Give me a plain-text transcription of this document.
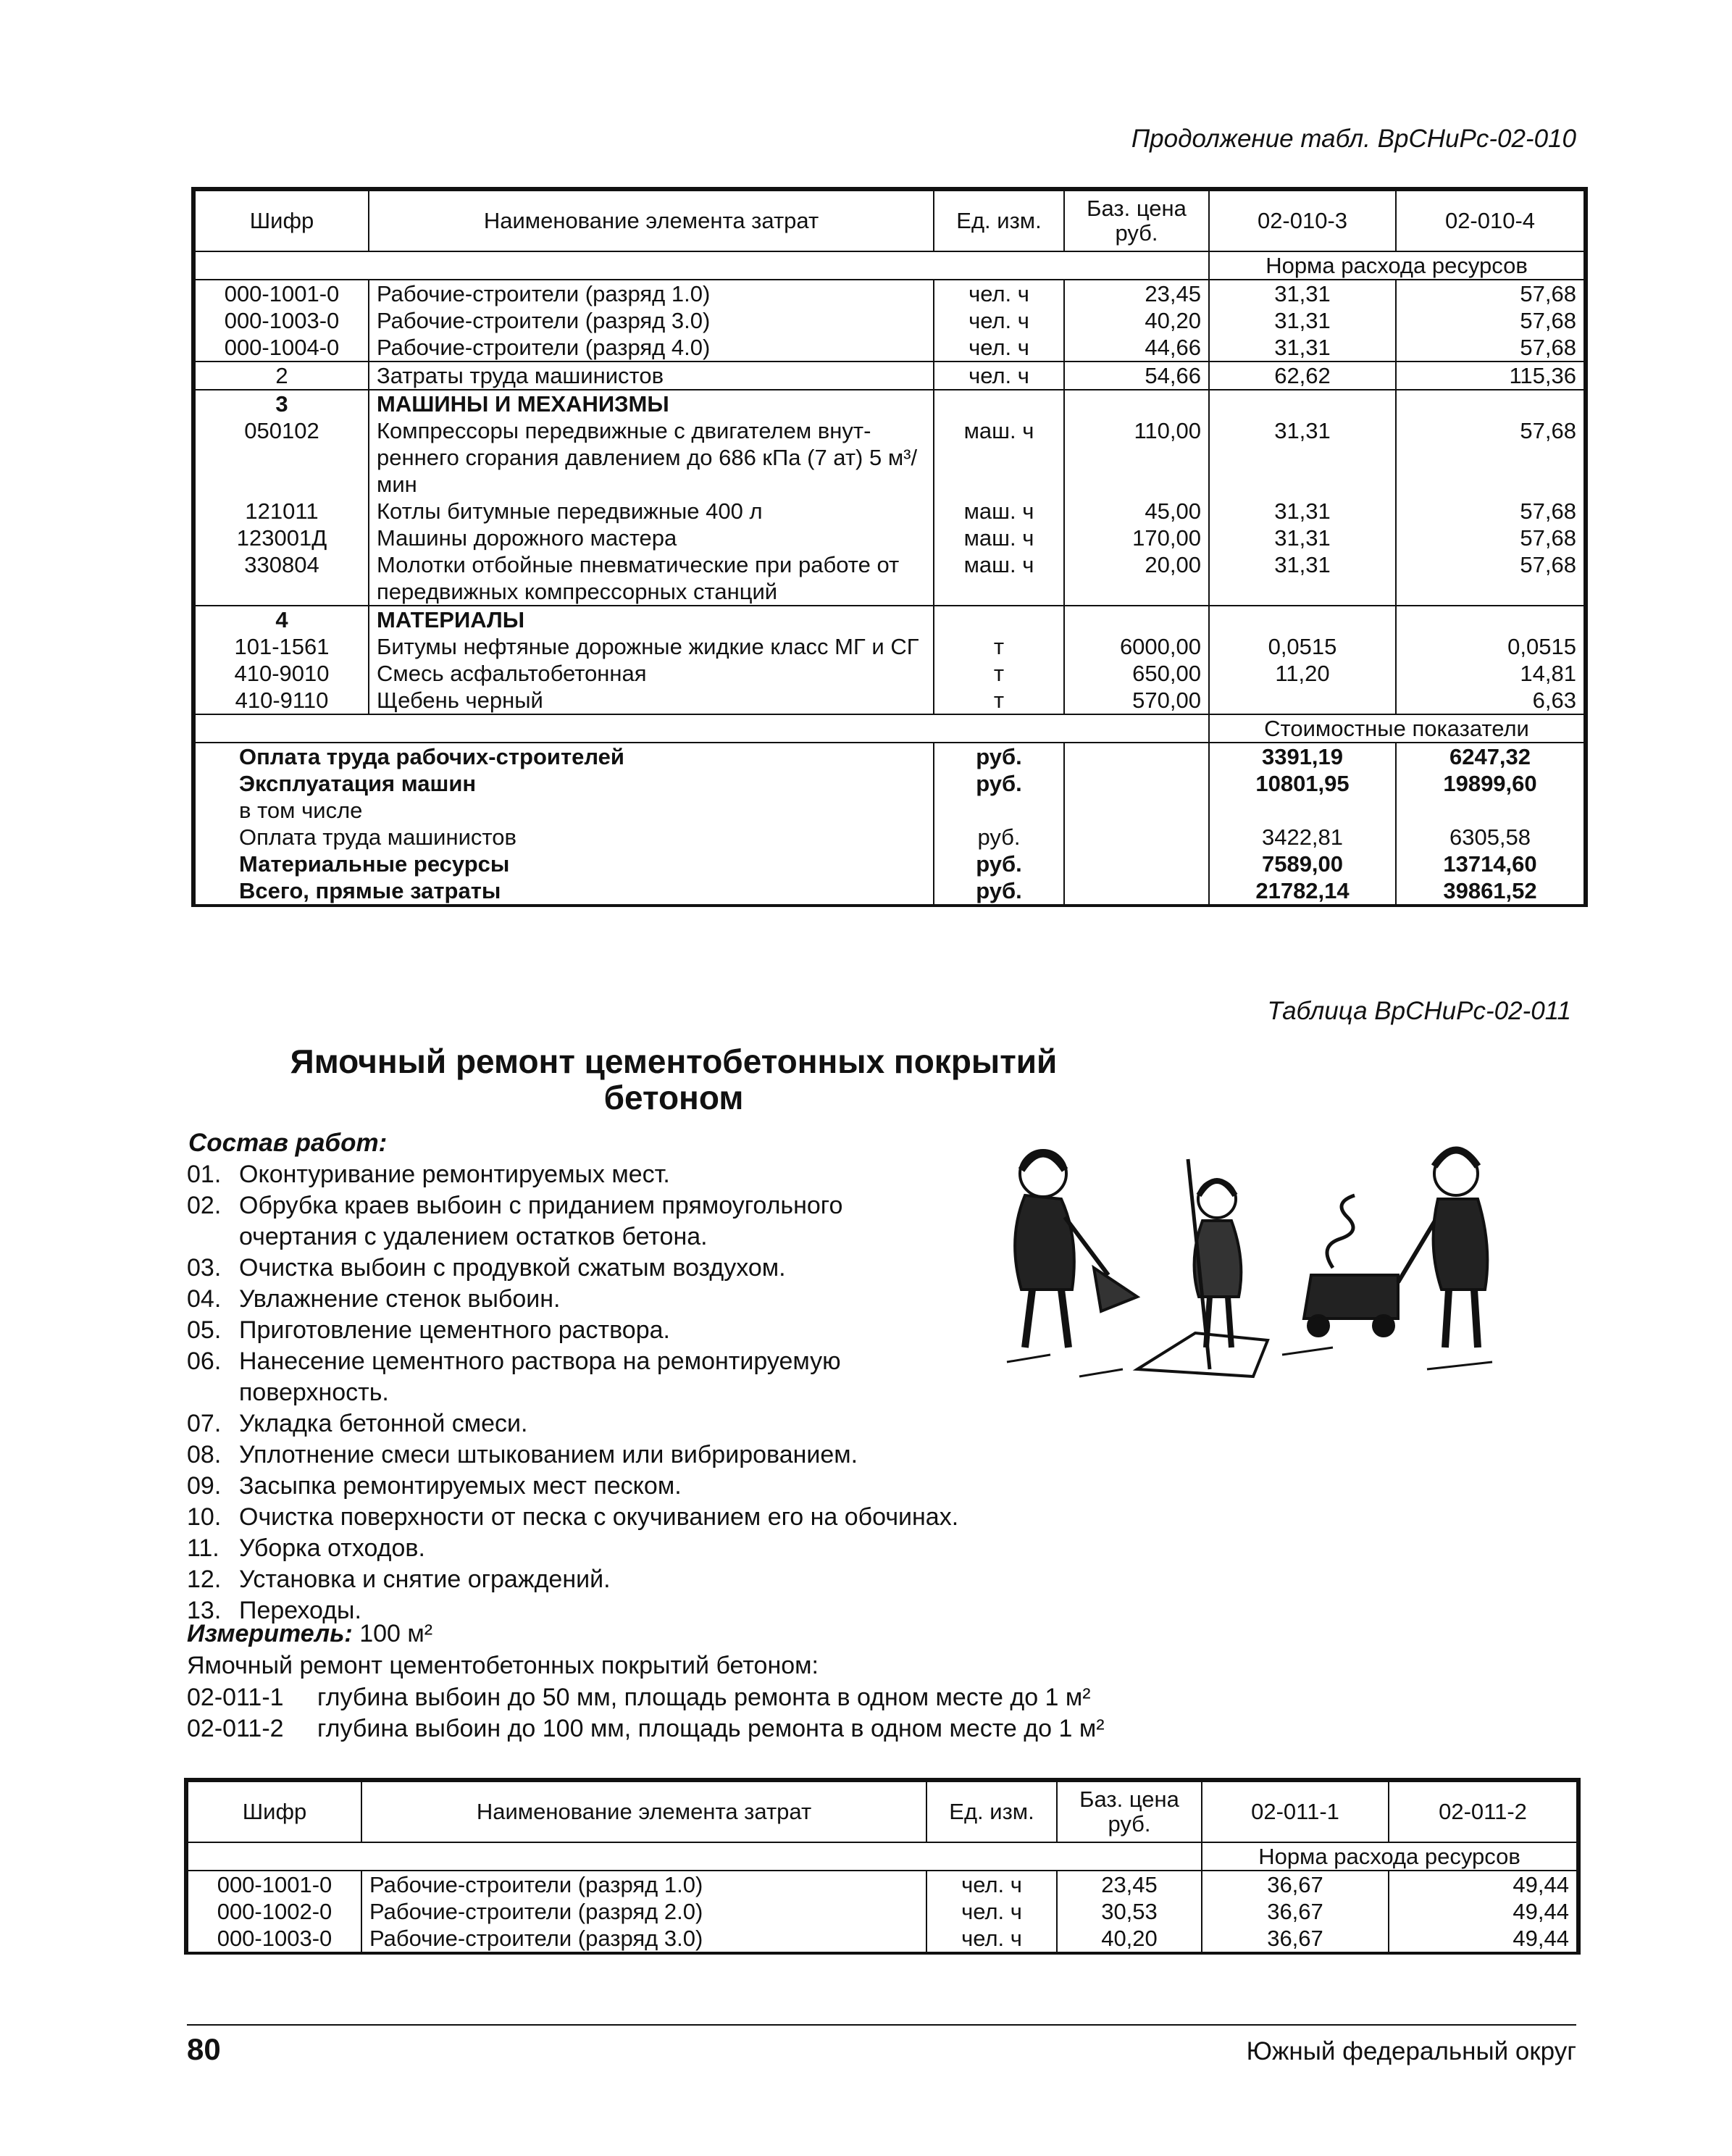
Продолжение табл. ВрСНиРс-02-010
Шифр	Наименование элемента затрат	Ед. изм.	Баз. цена руб.	02-010-3	02-010-4
				Норма расхода ресурсов	
000-1001-0	Рабочие-строители (разряд 1.0)	чел. ч	23,45	31,31	57,68
000-1003-0	Рабочие-строители (разряд 3.0)	чел. ч	40,20	31,31	57,68
000-1004-0	Рабочие-строители (разряд 4.0)	чел. ч	44,66	31,31	57,68
2	Затраты труда машинистов	чел. ч	54,66	62,62	115,36
3	МАШИНЫ И МЕХАНИЗМЫ				
050102	Компрессоры передвижные с двигателем внут-реннего сгорания давлением до 686 кПа (7 ат) 5 м³/мин	маш. ч	110,00	31,31	57,68
121011	Котлы битумные передвижные 400 л	маш. ч	45,00	31,31	57,68
123001Д	Машины дорожного мастера	маш. ч	170,00	31,31	57,68
330804	Молотки отбойные пневматические при работе от передвижных компрессорных станций	маш. ч	20,00	31,31	57,68
4	МАТЕРИАЛЫ				
101-1561	Битумы нефтяные дорожные жидкие класс МГ и СГ	т	6000,00	0,0515	0,0515
410-9010	Смесь асфальтобетонная	т	650,00	11,20	14,81
410-9110	Щебень черный	т	570,00		6,63
				Стоимостные показатели	
Оплата труда рабочих-строителей		руб.		3391,19	6247,32
Эксплуатация машин		руб.		10801,95	19899,60
в том числе					
Оплата труда машинистов		руб.		3422,81	6305,58
Материальные ресурсы		руб.		7589,00	13714,60
Всего, прямые затраты		руб.		21782,14	39861,52
Таблица ВрСНиРс-02-011
Ямочный ремонт цементобетонных покрытий
бетоном
Состав работ:
01. Оконтуривание ремонтируемых мест.
02. Обрубка краев выбоин с приданием прямоугольного
очертания с удалением остатков бетона.
03. Очистка выбоин с продувкой сжатым воздухом.
04. Увлажнение стенок выбоин.
05. Приготовление цементного раствора.
06. Нанесение цементного раствора на ремонтируемую
поверхность.
07. Укладка бетонной смеси.
08. Уплотнение смеси штыкованием или вибрированием.
09. Засыпка ремонтируемых мест песком.
10. Очистка поверхности от песка с окучиванием его на обочинах.
11. Уборка отходов.
12. Установка и снятие ограждений.
13. Переходы.
Измеритель: 100 м²
Ямочный ремонт цементобетонных покрытий бетоном:
02-011-1 глубина выбоин до 50 мм, площадь ремонта в одном месте до 1 м²
02-011-2 глубина выбоин до 100 мм, площадь ремонта в одном месте до 1 м²
Шифр	Наименование элемента затрат	Ед. изм.	Баз. цена руб.	02-011-1	02-011-2
				Норма расхода ресурсов	
000-1001-0	Рабочие-строители (разряд 1.0)	чел. ч	23,45	36,67	49,44
000-1002-0	Рабочие-строители (разряд 2.0)	чел. ч	30,53	36,67	49,44
000-1003-0	Рабочие-строители (разряд 3.0)	чел. ч	40,20	36,67	49,44
80	Южный федеральный округ
